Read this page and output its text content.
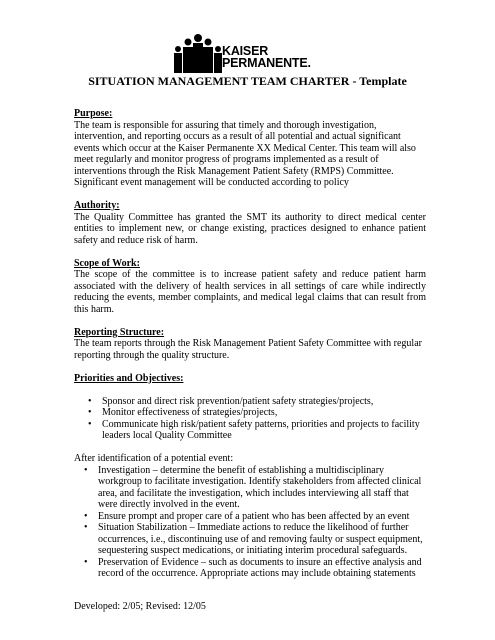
KAISER
PERMANENTE.
SITUATION MANAGEMENT TEAM CHARTER - Template
Purpose:

The team is responsible for assuring that timely and thorough investigation, intervention, and reporting occurs as a result of all potential and actual significant events which occur at the Kaiser Permanente XX Medical Center. This team will also meet regularly and monitor progress of programs implemented as a result of interventions through the Risk Management Patient Safety (RMPS) Committee. Significant event management will be conducted according to policy

Authority:

The Quality Committee has granted the SMT its authority to direct medical center entities to implement new, or change existing, practices designed to enhance patient safety and reduce risk of harm.

Scope of Work:

The scope of the committee is to increase patient safety and reduce patient harm associated with the delivery of health services in all settings of care while indirectly reducing the events, member complaints, and medical legal claims that can result from this harm.

Reporting Structure:

The team reports through the Risk Management Patient Safety Committee with regular reporting through the quality structure.

Priorities and Objectives:
• Sponsor and direct risk prevention/patient safety strategies/projects,
• Monitor effectiveness of strategies/projects,
• Communicate high risk/patient safety patterns, priorities and projects to facility leaders local Quality Committee

After identification of a potential event:

• Investigation – determine the benefit of establishing a multidisciplinary workgroup to facilitate investigation. Identify stakeholders from affected clinical area, and facilitate the investigation, which includes interviewing all staff that were directly involved in the event.
• Ensure prompt and proper care of a patient who has been affected by an event
• Situation Stabilization – Immediate actions to reduce the likelihood of further occurrences, i.e., discontinuing use of and removing faulty or suspect equipment, sequestering suspect medications, or initiating interim procedural safeguards.
• Preservation of Evidence – such as documents to insure an effective analysis and record of the occurrence. Appropriate actions may include obtaining statements
Developed: 2/05; Revised: 12/05
